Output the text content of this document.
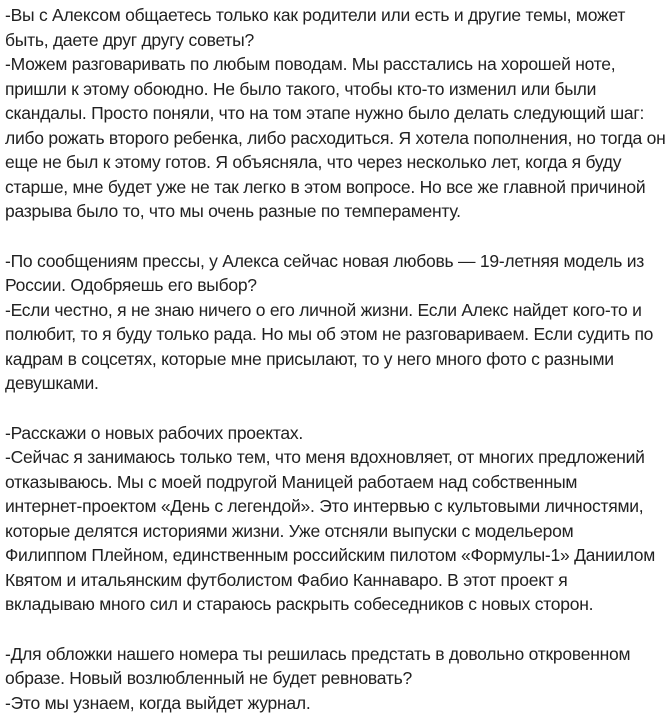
-Вы с Алексом общаетесь только как родители или есть и другие темы, может
быть, даете друг другу советы?

-Можем разговаривать по любым поводам. Мы расстались на хорошей ноте,
пришли к этому обоюдно. Не было такого, чтобы кто-то изменил или были
скандалы. Просто поняли, что на том этапе нужно было делать следующий шаг:
либо рожать второго ребенка, либо расходиться. Я хотела пополнения, но тогда он
еще не был к этому готов. Я объясняла, что через несколько лет, когда я буду
старше, мне будет уже не так легко в этом вопросе. Но все же главной причиной
разрыва было то, что мы очень разные по темпераменту.

-По сообщениям прессы, у Алекса сейчас новая любовь — 19-летняя модель из
России. Одобряешь его выбор?

-Если честно, я не знаю ничего о его личной жизни. Если Алекс найдет кого-то и
полюбит, то я буду только рада. Но мы об этом не разговариваем. Если судить по
кадрам в соцсетях, которые мне присылают, то у него много фото с разными
девушками.

-Расскажи о новых рабочих проектах.

-Сейчас я занимаюсь только тем, что меня вдохновляет, от многих предложений
отказываюсь. Мы с моей подругой Маницей работаем над собственным
интернет-проектом «День с легендой». Это интервью с культовыми личностями,
которые делятся историями жизни. Уже отсняли выпуски с модельером
Филиппом Плейном, единственным российским пилотом «Формулы-1» Даниилом
Квятом и итальянским футболистом Фабио Каннаваро. В этот проект я
вкладываю много сил и стараюсь раскрыть собеседников с новых сторон.

-Для обложки нашего номера ты решилась предстать в довольно откровенном
образе. Новый возлюбленный не будет ревновать?

-Это мы узнаем, когда выйдет журнал.
